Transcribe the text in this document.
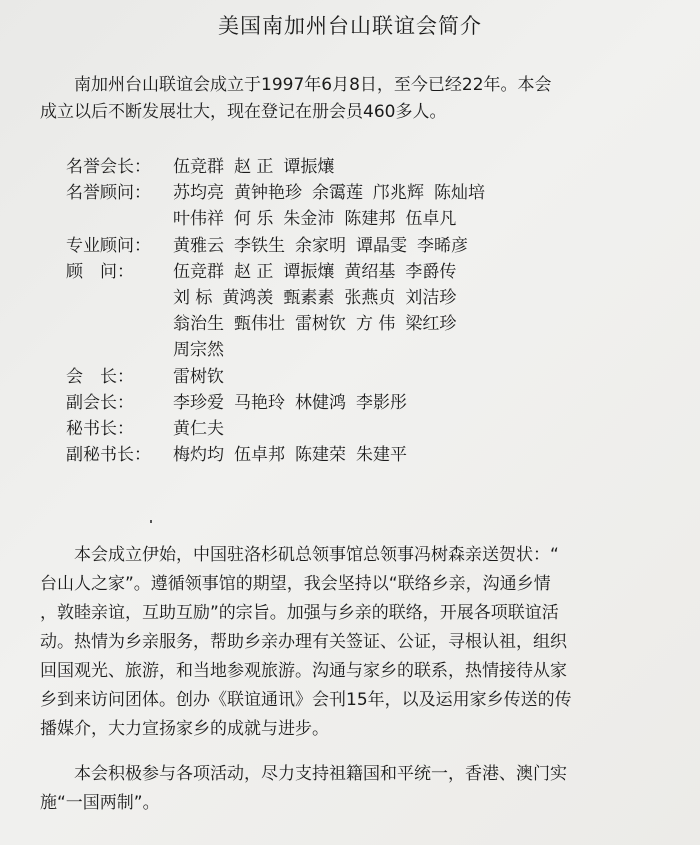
美国南加州台山联谊会简介
南加州台山联谊会成立于1997年6月8日，至今已经22年。本会
成立以后不断发展壮大，现在登记在册会员460多人。
名誉会长：	伍竞群 赵 正 谭振爙
名誉顾问：	苏均亮 黄钟艳珍 余霭莲 邝兆辉 陈灿培
叶伟祥 何 乐 朱金沛 陈建邦 伍卓凡
专业顾问：	黄雅云 李铁生 余家明 谭晶雯 李晞彦
顾　问：	伍竞群 赵 正 谭振爙 黄绍基 李爵传
刘 标 黄鸿羡 甄素素 张燕贞 刘洁珍
翁治生 甄伟壮 雷树钦 方 伟 梁红珍
周宗然
会　长：	雷树钦
副会长：	李珍爱 马艳玲 林健鸿 李影彤
秘书长：	黄仁夫
副秘书长：	梅灼均 伍卓邦 陈建荣 朱建平
本会成立伊始，中国驻洛杉矶总领事馆总领事冯树森亲送贺状：“
台山人之家”。遵循领事馆的期望，我会坚持以“联络乡亲，沟通乡情
，敦睦亲谊，互助互励”的宗旨。加强与乡亲的联络，开展各项联谊活
动。热情为乡亲服务，帮助乡亲办理有关签证、公证，寻根认祖，组织
回国观光、旅游，和当地参观旅游。沟通与家乡的联系，热情接待从家
乡到来访问团体。创办《联谊通讯》会刊15年，以及运用家乡传送的传
播媒介，大力宣扬家乡的成就与进步。
本会积极参与各项活动，尽力支持祖籍国和平统一，香港、澳门实
施“一国两制”。
